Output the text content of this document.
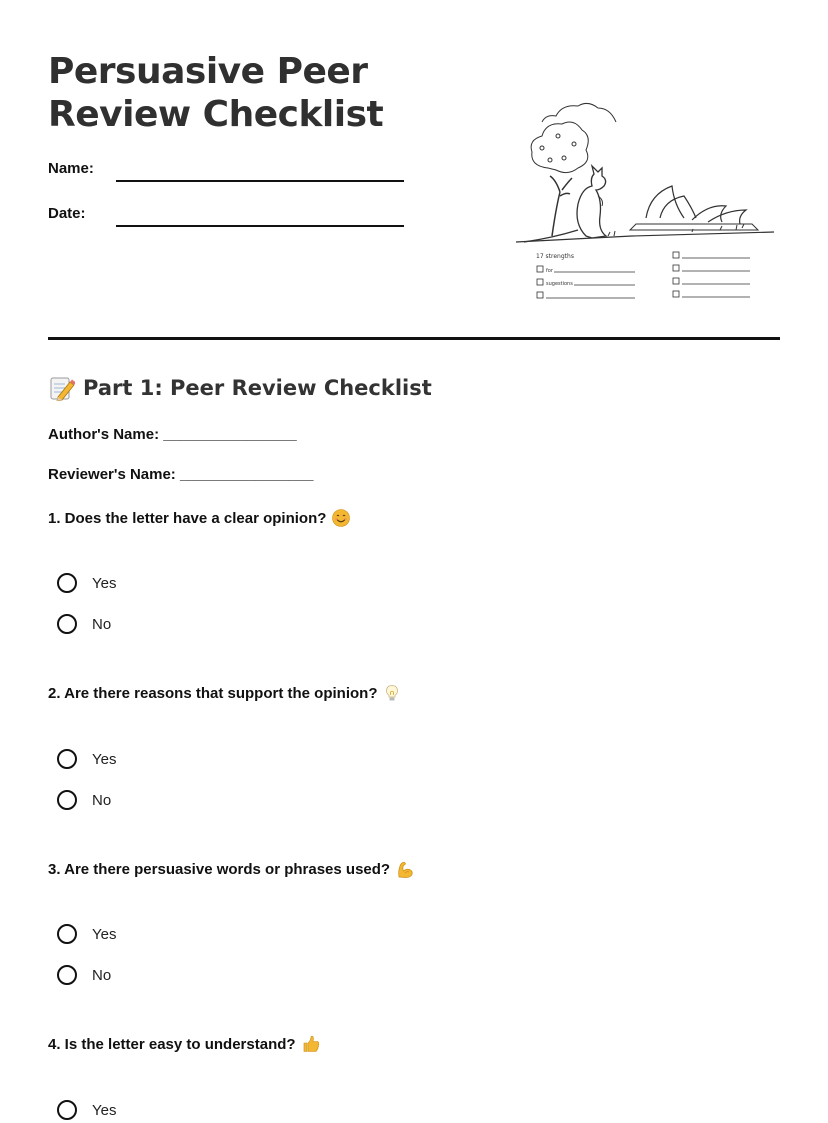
Persuasive Peer Review Checklist
Name:
Date:
17 strengths
for
sugestions
Part 1: Peer Review Checklist
Author's Name: ________________
Reviewer's Name: ________________
1. Does the letter have a clear opinion?
Yes
No
2. Are there reasons that support the opinion?
Yes
No
3. Are there persuasive words or phrases used?
Yes
No
4. Is the letter easy to understand?
Yes
